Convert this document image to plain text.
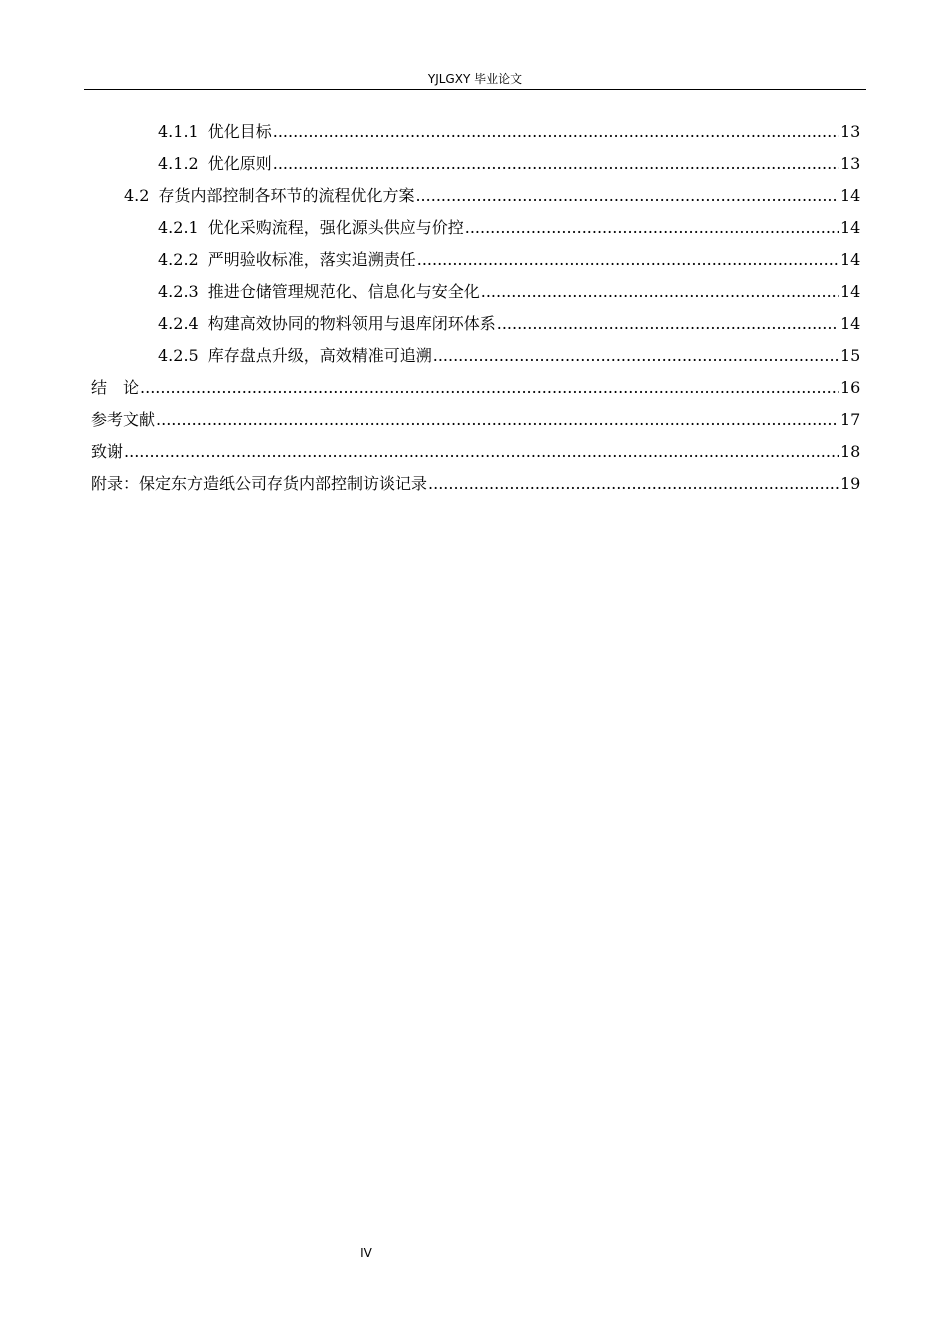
YJLGXY 毕业论文
4.1.1 优化目标 .....	13
4.1.2 优化原则 .....	13
4.2 存货内部控制各环节的流程优化方案 .....	14
4.2.1 优化采购流程，强化源头供应与价控 .....	14
4.2.2 严明验收标准，落实追溯责任 .....	14
4.2.3 推进仓储管理规范化、信息化与安全化 .....	14
4.2.4 构建高效协同的物料领用与退库闭环体系 .....	14
4.2.5 库存盘点升级，高效精准可追溯 .....	15
结　论 .....	16
参考文献 .....	17
致谢 .....	18
附录：保定东方造纸公司存货内部控制访谈记录 .....	19
IV
